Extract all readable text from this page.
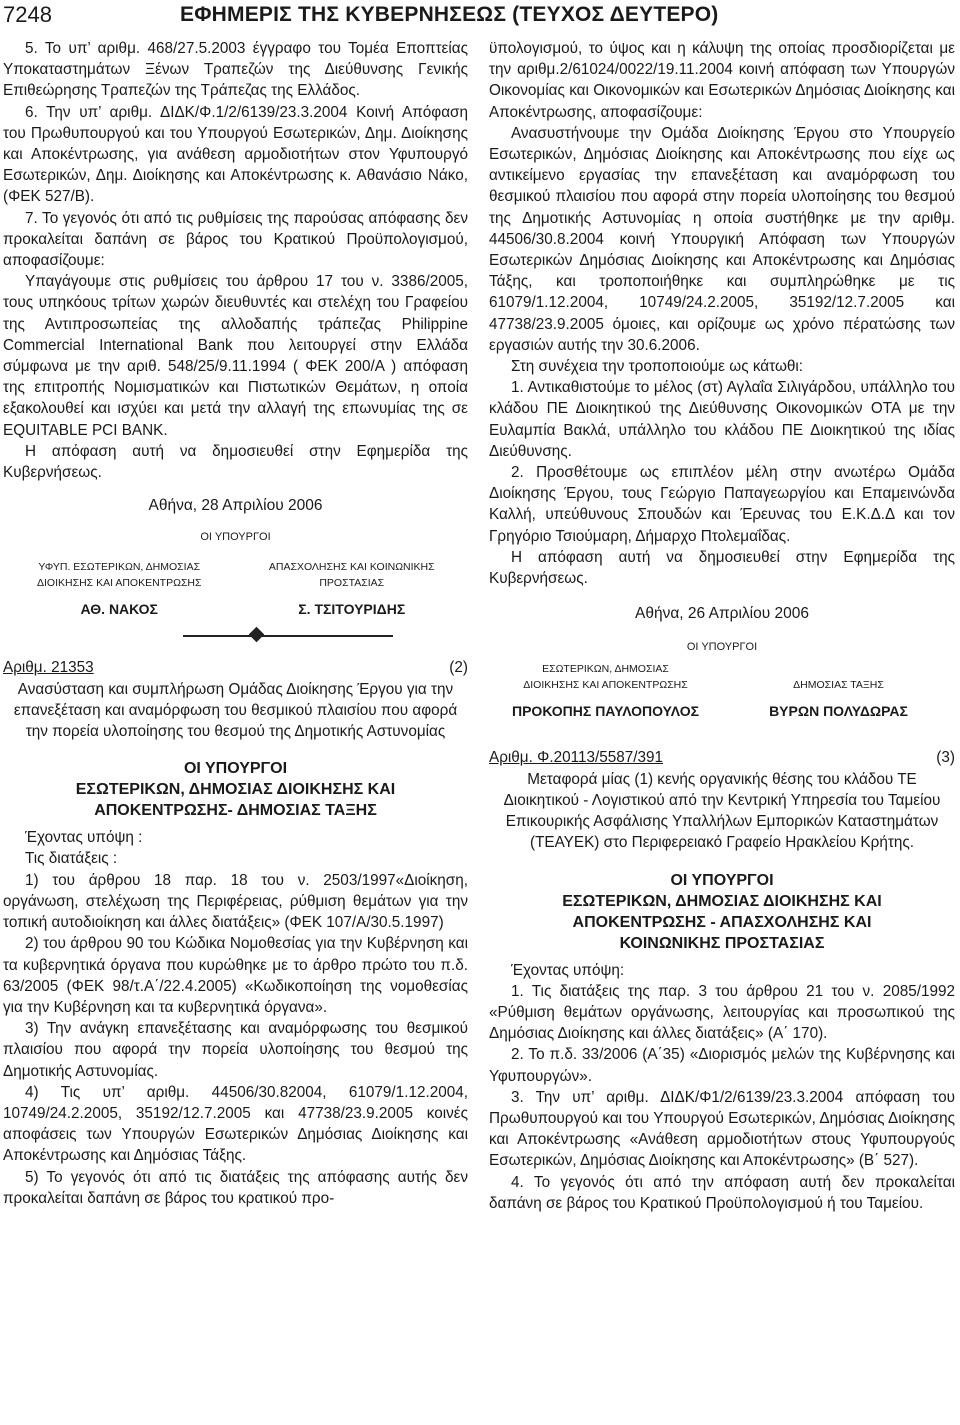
7248	ΕΦΗΜΕΡΙΣ ΤΗΣ ΚΥΒΕΡΝΗΣΕΩΣ (ΤΕΥΧΟΣ ΔΕΥΤΕΡΟ)

5. Το υπ’ αριθμ. 468/27.5.2003 έγγραφο του Τομέα Εποπτείας Υποκαταστημάτων Ξένων Τραπεζών της Διεύθυνσης Γενικής Επιθεώρησης Τραπεζών της Τράπεζας της Ελλάδος.

6. Την υπ’ αριθμ. ΔΙΔΚ/Φ.1/2/6139/23.3.2004 Κοινή Απόφαση του Πρωθυπουργού και του Υπουργού Εσωτερικών, Δημ. Διοίκησης και Αποκέντρωσης, για ανάθεση αρμοδιοτήτων στον Υφυπουργό Εσωτερικών, Δημ. Διοίκησης και Αποκέντρωσης κ. Αθανάσιο Νάκο, (ΦΕΚ 527/Β).

7. Το γεγονός ότι από τις ρυθμίσεις της παρούσας απόφασης δεν προκαλείται δαπάνη σε βάρος του Κρατικού Προϋπολογισμού, αποφασίζουμε:

Υπαγάγουμε στις ρυθμίσεις του άρθρου 17 του ν. 3386/2005, τους υπηκόους τρίτων χωρών διευθυντές και στελέχη του Γραφείου της Αντιπροσωπείας της αλλοδαπής τράπεζας Philippine Commercial International Bank που λειτουργεί στην Ελλάδα σύμφωνα με την αριθ. 548/25/9.11.1994 ( ΦΕΚ 200/Α ) απόφαση της επιτροπής Νομισματικών και Πιστωτικών Θεμάτων, η οποία εξακολουθεί και ισχύει και μετά την αλλαγή της επωνυμίας της σε EQUITABLE PCI BANK.

Η απόφαση αυτή να δημοσιευθεί στην Εφημερίδα της Κυβερνήσεως.

Αθήνα, 28 Απριλίου 2006

ΟΙ ΥΠΟΥΡΓΟΙ

ΥΦΥΠ. ΕΣΩΤΕΡΙΚΩΝ, ΔΗΜΟΣΙΑΣ
ΔΙΟΙΚΗΣΗΣ ΚΑΙ ΑΠΟΚΕΝΤΡΩΣΗΣ
ΑΘ. ΝΑΚΟΣ
ΑΠΑΣΧΟΛΗΣΗΣ ΚΑΙ ΚΟΙΝΩΝΙΚΗΣ
ΠΡΟΣΤΑΣΙΑΣ
Σ. ΤΣΙΤΟΥΡΙΔΗΣ
Αριθμ. 21353	(2)

Ανασύσταση και συμπλήρωση Ομάδας Διοίκησης Έργου για την επανεξέταση και αναμόρφωση του θεσμικού πλαισίου που αφορά την πορεία υλοποίησης του θεσμού της Δημοτικής Αστυνομίας

ΟΙ ΥΠΟΥΡΓΟΙ

ΕΣΩΤΕΡΙΚΩΝ, ΔΗΜΟΣΙΑΣ ΔΙΟΙΚΗΣΗΣ ΚΑΙ

ΑΠΟΚΕΝΤΡΩΣΗΣ- ΔΗΜΟΣΙΑΣ ΤΑΞΗΣ

Έχοντας υπόψη :

Τις διατάξεις :

1) του άρθρου 18 παρ. 18 του ν. 2503/1997«Διοίκηση, οργάνωση, στελέχωση της Περιφέρειας, ρύθμιση θεμάτων για την τοπική αυτοδιοίκηση και άλλες διατάξεις» (ΦΕΚ 107/Α/30.5.1997)

2) του άρθρου 90 του Κώδικα Νομοθεσίας για την Κυβέρνηση και τα κυβερνητικά όργανα που κυρώθηκε με το άρθρο πρώτο του π.δ. 63/2005 (ΦΕΚ 98/τ.Α΄/22.4.2005) «Κωδικοποίηση της νομοθεσίας για την Κυβέρνηση και τα κυβερνητικά όργανα».

3) Την ανάγκη επανεξέτασης και αναμόρφωσης του θεσμικού πλαισίου που αφορά την πορεία υλοποίησης του θεσμού της Δημοτικής Αστυνομίας.

4) Τις υπ’ αριθμ. 44506/30.82004, 61079/1.12.2004, 10749/24.2.2005, 35192/12.7.2005 και 47738/23.9.2005 κοινές αποφάσεις των Υπουργών Εσωτερικών Δημόσιας Διοίκησης και Αποκέντρωσης και Δημόσιας Τάξης.

5) Το γεγονός ότι από τις διατάξεις της απόφασης αυτής δεν προκαλείται δαπάνη σε βάρος του κρατικού προ-

ϋπολογισμού, το ύψος και η κάλυψη της οποίας προσδιορίζεται με την αριθμ.2/61024/0022/19.11.2004 κοινή απόφαση των Υπουργών Οικονομίας και Οικονομικών και Εσωτερικών Δημόσιας Διοίκησης και Αποκέντρωσης, αποφασίζουμε:

Ανασυστήνουμε την Ομάδα Διοίκησης Έργου στο Υπουργείο Εσωτερικών, Δημόσιας Διοίκησης και Αποκέντρωσης που είχε ως αντικείμενο εργασίας την επανεξέταση και αναμόρφωση του θεσμικού πλαισίου που αφορά στην πορεία υλοποίησης του θεσμού της Δημοτικής Αστυνομίας η οποία συστήθηκε με την αριθμ. 44506/30.8.2004 κοινή Υπουργική Απόφαση των Υπουργών Εσωτερικών Δημόσιας Διοίκησης και Αποκέντρωσης και Δημόσιας Τάξης, και τροποποιήθηκε και συμπληρώθηκε με τις 61079/1.12.2004, 10749/24.2.2005, 35192/12.7.2005 και 47738/23.9.2005 όμοιες, και ορίζουμε ως χρόνο πέρατώσης των εργασιών αυτής την 30.6.2006.

Στη συνέχεια την τροποποιούμε ως κάτωθι:

1. Αντικαθιστούμε το μέλος (στ) Αγλαΐα Σιλιγάρδου, υπάλληλο του κλάδου ΠΕ Διοικητικού της Διεύθυνσης Οικονομικών ΟΤΑ με την Ευλαμπία Βακλά, υπάλληλο του κλάδου ΠΕ Διοικητικού της ιδίας Διεύθυνσης.

2. Προσθέτουμε ως επιπλέον μέλη στην ανωτέρω Ομάδα Διοίκησης Έργου, τους Γεώργιο Παπαγεωργίου και Επαμεινώνδα Καλλή, υπεύθυνους Σπουδών και Έρευνας του Ε.Κ.Δ.Δ και τον Γρηγόριο Τσιούμαρη, Δήμαρχο Πτολεμαΐδας.

Η απόφαση αυτή να δημοσιευθεί στην Εφημερίδα της Κυβερνήσεως.

Αθήνα, 26 Απριλίου 2006

ΟΙ ΥΠΟΥΡΓΟΙ

ΕΣΩΤΕΡΙΚΩΝ, ΔΗΜΟΣΙΑΣ
ΔΙΟΙΚΗΣΗΣ ΚΑΙ ΑΠΟΚΕΝΤΡΩΣΗΣ
ΠΡΟΚΟΠΗΣ ΠΑΥΛΟΠΟΥΛΟΣ
ΔΗΜΟΣΙΑΣ ΤΑΞΗΣ
ΒΥΡΩΝ ΠΟΛΥΔΩΡΑΣ
Αριθμ. Φ.20113/5587/391	(3)

Μεταφορά μίας (1) κενής οργανικής θέσης του κλάδου ΤΕ Διοικητικού - Λογιστικού από την Κεντρική Υπηρεσία του Ταμείου Επικουρικής Ασφάλισης Υπαλλήλων Εμπορικών Καταστημάτων (ΤΕΑΥΕΚ) στο Περιφερειακό Γραφείο Ηρακλείου Κρήτης.

ΟΙ ΥΠΟΥΡΓΟΙ

ΕΣΩΤΕΡΙΚΩΝ, ΔΗΜΟΣΙΑΣ ΔΙΟΙΚΗΣΗΣ ΚΑΙ

ΑΠΟΚΕΝΤΡΩΣΗΣ - ΑΠΑΣΧΟΛΗΣΗΣ ΚΑΙ

ΚΟΙΝΩΝΙΚΗΣ ΠΡΟΣΤΑΣΙΑΣ

Έχοντας υπόψη:

1. Τις διατάξεις της παρ. 3 του άρθρου 21 του ν. 2085/1992 «Ρύθμιση θεμάτων οργάνωσης, λειτουργίας και προσωπικού της Δημόσιας Διοίκησης και άλλες διατάξεις» (Α΄ 170).

2. Το π.δ. 33/2006 (Α΄35) «Διορισμός μελών της Κυβέρνησης και Υφυπουργών».

3. Την υπ’ αριθμ. ΔΙΔΚ/Φ1/2/6139/23.3.2004 απόφαση του Πρωθυπουργού και του Υπουργού Εσωτερικών, Δημόσιας Διοίκησης και Αποκέντρωσης «Ανάθεση αρμοδιοτήτων στους Υφυπουργούς Εσωτερικών, Δημόσιας Διοίκησης και Αποκέντρωσης» (Β΄ 527).

4. Το γεγονός ότι από την απόφαση αυτή δεν προκαλείται δαπάνη σε βάρος του Κρατικού Προϋπολογισμού ή του Ταμείου.
